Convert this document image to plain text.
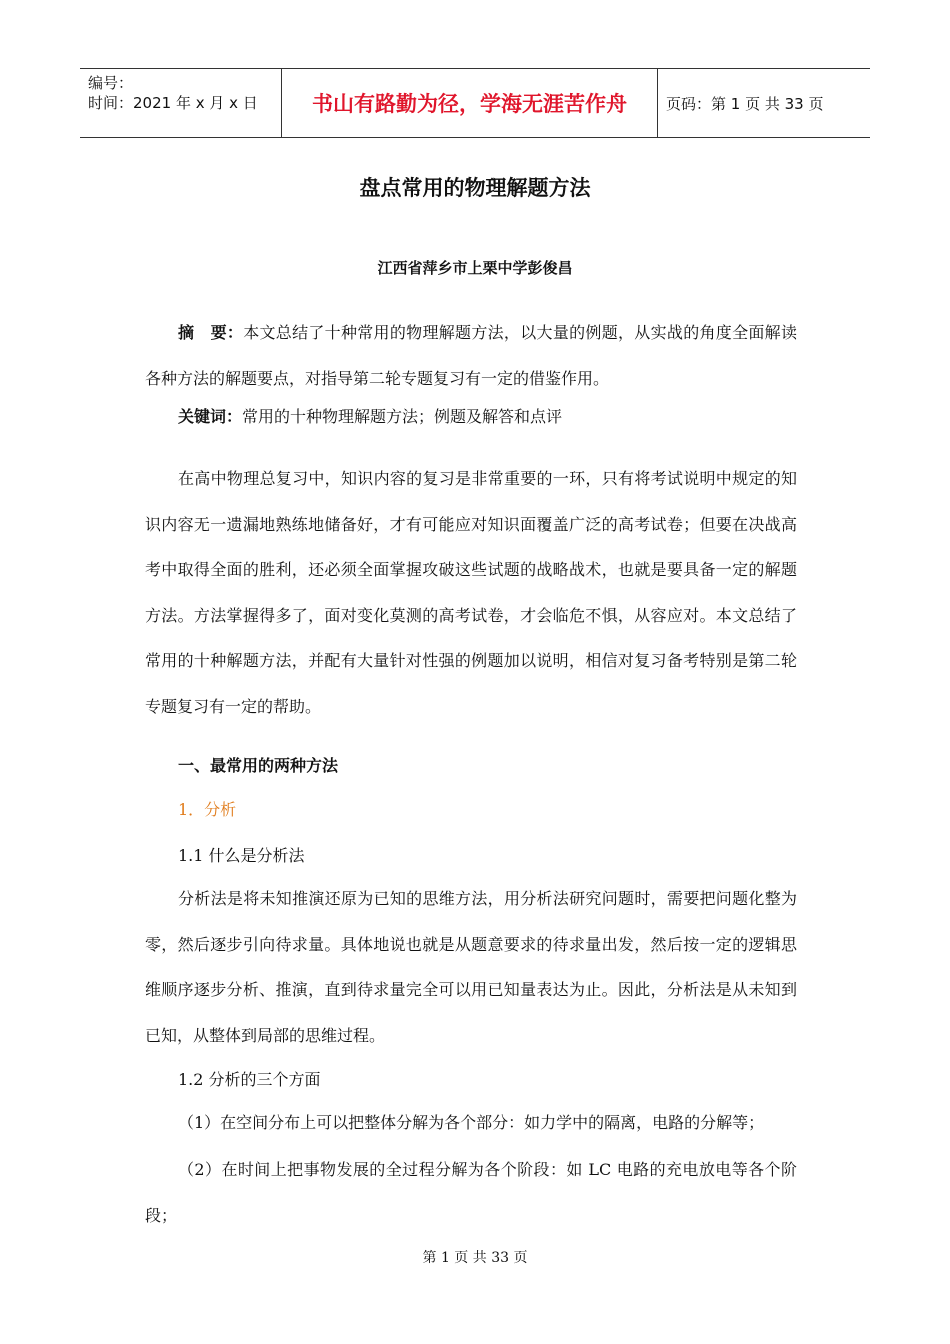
编号：
时间：2021 年 x 月 x 日	书山有路勤为径，学海无涯苦作舟	页码：第 1 页 共 33 页
盘点常用的物理解题方法
江西省萍乡市上栗中学彭俊昌

摘　要：本文总结了十种常用的物理解题方法，以大量的例题，从实战的角度全面解读各种方法的解题要点，对指导第二轮专题复习有一定的借鉴作用。

关键词：常用的十种物理解题方法；例题及解答和点评

在高中物理总复习中，知识内容的复习是非常重要的一环，只有将考试说明中规定的知识内容无一遗漏地熟练地储备好，才有可能应对知识面覆盖广泛的高考试卷；但要在决战高考中取得全面的胜利，还必须全面掌握攻破这些试题的战略战术，也就是要具备一定的解题方法。方法掌握得多了，面对变化莫测的高考试卷，才会临危不惧，从容应对。本文总结了常用的十种解题方法，并配有大量针对性强的例题加以说明，相信对复习备考特别是第二轮专题复习有一定的帮助。

一、最常用的两种方法

1．分析

1.1 什么是分析法

分析法是将未知推演还原为已知的思维方法，用分析法研究问题时，需要把问题化整为零，然后逐步引向待求量。具体地说也就是从题意要求的待求量出发，然后按一定的逻辑思维顺序逐步分析、推演，直到待求量完全可以用已知量表达为止。因此，分析法是从未知到已知，从整体到局部的思维过程。

1.2 分析的三个方面

（1）在空间分布上可以把整体分解为各个部分：如力学中的隔离，电路的分解等；

（2）在时间上把事物发展的全过程分解为各个阶段：如 LC 电路的充电放电等各个阶段；

第 1 页 共 33 页
